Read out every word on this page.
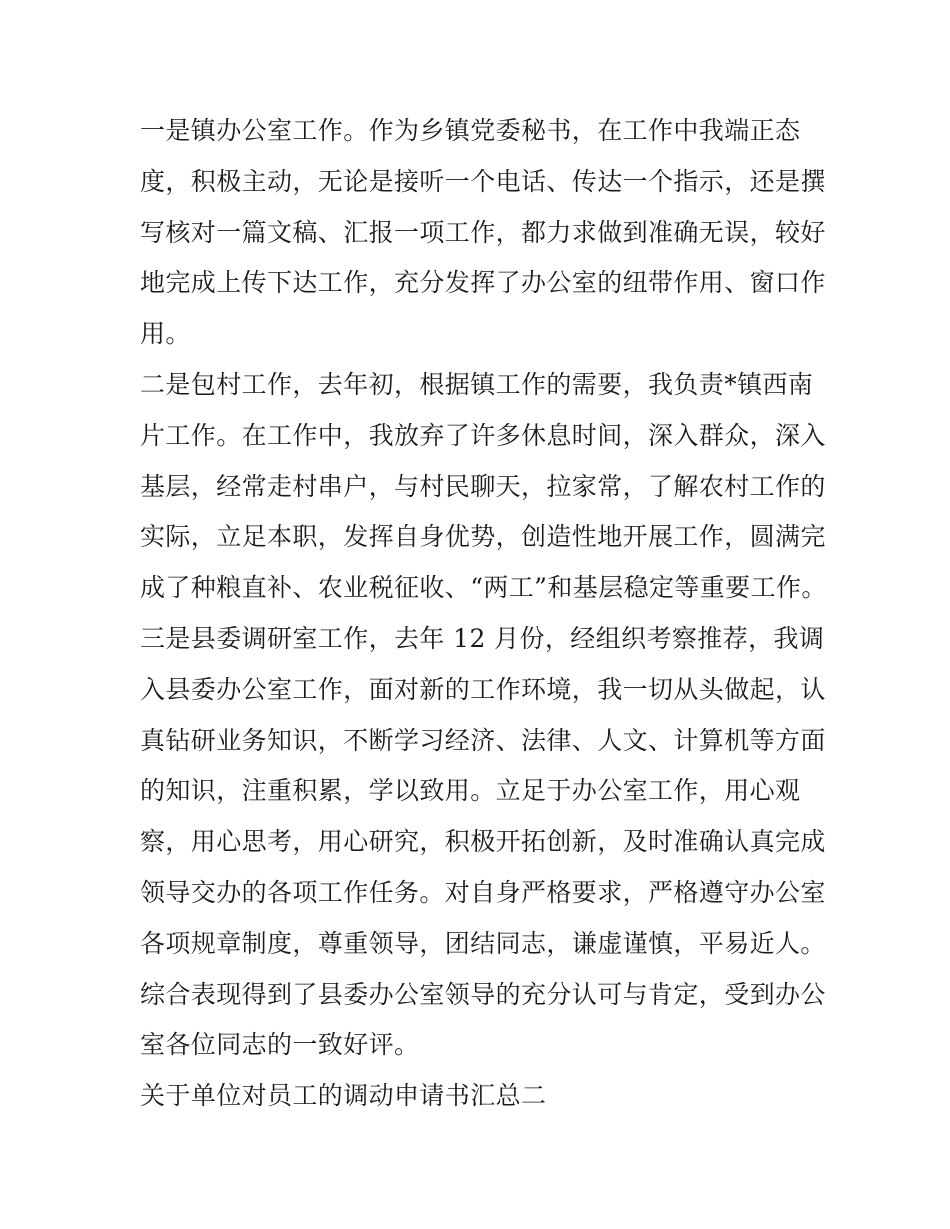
一是镇办公室工作。作为乡镇党委秘书，在工作中我端正态
度，积极主动，无论是接听一个电话、传达一个指示，还是撰
写核对一篇文稿、汇报一项工作，都力求做到准确无误，较好
地完成上传下达工作，充分发挥了办公室的纽带作用、窗口作
用。

二是包村工作，去年初，根据镇工作的需要，我负责*镇西南
片工作。在工作中，我放弃了许多休息时间，深入群众，深入
基层，经常走村串户，与村民聊天，拉家常，了解农村工作的
实际，立足本职，发挥自身优势，创造性地开展工作，圆满完
成了种粮直补、农业税征收、“两工”和基层稳定等重要工作。

三是县委调研室工作，去年 12 月份，经组织考察推荐，我调
入县委办公室工作，面对新的工作环境，我一切从头做起，认
真钻研业务知识，不断学习经济、法律、人文、计算机等方面
的知识，注重积累，学以致用。立足于办公室工作，用心观
察，用心思考，用心研究，积极开拓创新，及时准确认真完成
领导交办的各项工作任务。对自身严格要求，严格遵守办公室
各项规章制度，尊重领导，团结同志，谦虚谨慎，平易近人。
综合表现得到了县委办公室领导的充分认可与肯定，受到办公
室各位同志的一致好评。

关于单位对员工的调动申请书汇总二
